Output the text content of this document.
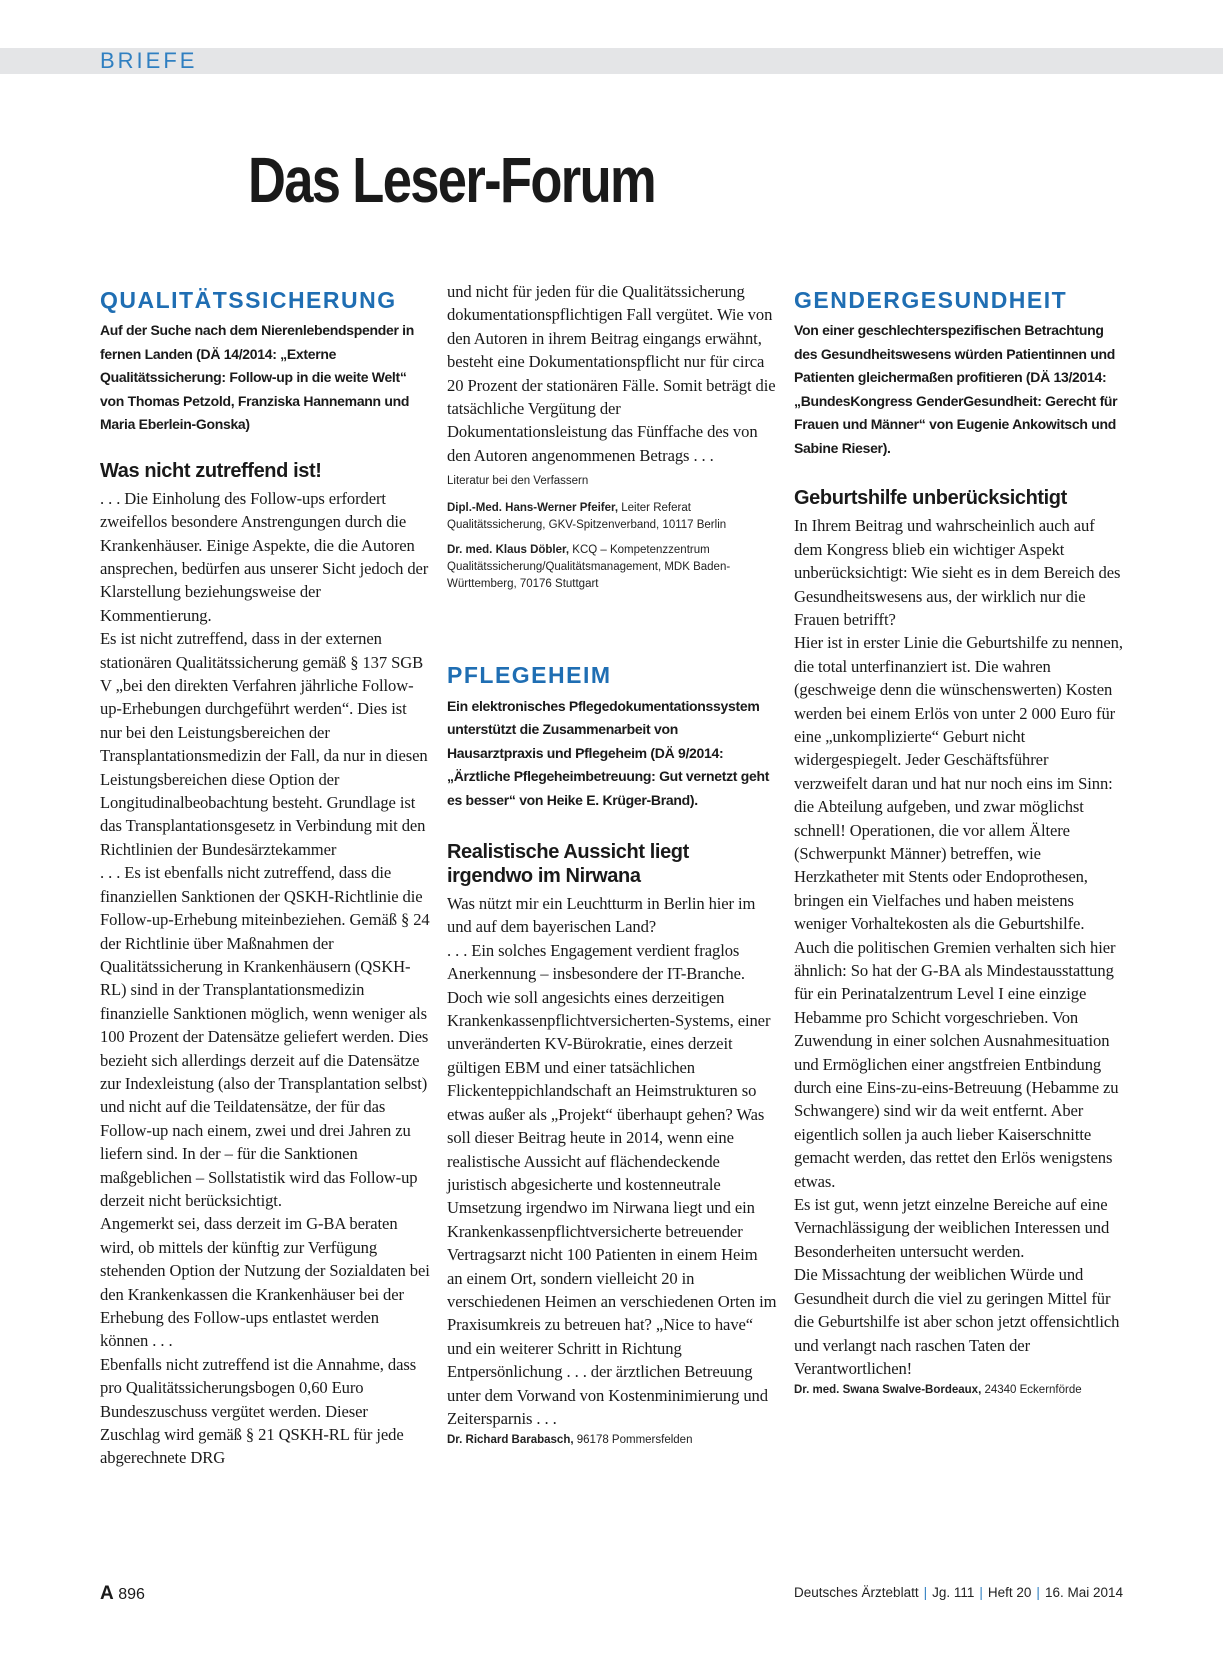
BRIEFE
Das Leser-Forum
QUALITÄTSSICHERUNG

Auf der Suche nach dem Nierenlebendspender in fernen Landen (DÄ 14/2014: „Externe Qualitätssicherung: Follow-up in die weite Welt“ von Thomas Petzold, Franziska Hannemann und Maria Eberlein-Gonska)

Was nicht zutreffend ist!

. . . Die Einholung des Follow-ups erfordert zweifellos besondere Anstrengungen durch die Krankenhäuser. Einige Aspekte, die die Autoren ansprechen, bedürfen aus unserer Sicht jedoch der Klarstellung beziehungsweise der Kommentierung.
Es ist nicht zutreffend, dass in der externen stationären Qualitätssicherung gemäß § 137 SGB V „bei den direkten Verfahren jährliche Follow-up-Erhebungen durchgeführt werden“. Dies ist nur bei den Leistungsbereichen der Transplantationsmedizin der Fall, da nur in diesen Leistungsbereichen diese Option der Longitudinalbeobachtung besteht. Grundlage ist das Transplantationsgesetz in Verbindung mit den Richtlinien der Bundesärztekammer
. . . Es ist ebenfalls nicht zutreffend, dass die finanziellen Sanktionen der QSKH-Richtlinie die Follow-up-Erhebung miteinbeziehen. Gemäß § 24 der Richtlinie über Maßnahmen der Qualitätssicherung in Krankenhäusern (QSKH-RL) sind in der Transplantationsmedizin finanzielle Sanktionen möglich, wenn weniger als 100 Prozent der Datensätze geliefert werden. Dies bezieht sich allerdings derzeit auf die Datensätze zur Indexleistung (also der Transplantation selbst) und nicht auf die Teildatensätze, der für das Follow-up nach einem, zwei und drei Jahren zu liefern sind. In der – für die Sanktionen maßgeblichen – Sollstatistik wird das Follow-up derzeit nicht berücksichtigt.
Angemerkt sei, dass derzeit im G-BA beraten wird, ob mittels der künftig zur Verfügung stehenden Option der Nutzung der Sozialdaten bei den Krankenkassen die Krankenhäuser bei der Erhebung des Follow-ups entlastet werden können . . .
Ebenfalls nicht zutreffend ist die Annahme, dass pro Qualitätssicherungsbogen 0,60 Euro Bundeszuschuss vergütet werden. Dieser Zuschlag wird gemäß § 21 QSKH-RL für jede abgerechnete DRG

und nicht für jeden für die Qualitätssicherung dokumentationspflichtigen Fall vergütet. Wie von den Autoren in ihrem Beitrag eingangs erwähnt, besteht eine Dokumentationspflicht nur für circa 20 Prozent der stationären Fälle. Somit beträgt die tatsächliche Vergütung der Dokumentationsleistung das Fünffache des von den Autoren angenommenen Betrags . . .

Literatur bei den Verfassern

Dipl.-Med. Hans-Werner Pfeifer, Leiter Referat Qualitätssicherung, GKV-Spitzenverband, 10117 Berlin

Dr. med. Klaus Döbler, KCQ – Kompetenzzentrum Qualitätssicherung/Qualitätsmanagement, MDK Baden-Württemberg, 70176 Stuttgart

PFLEGEHEIM

Ein elektronisches Pflegedokumentationssystem unterstützt die Zusammenarbeit von Hausarztpraxis und Pflegeheim (DÄ 9/2014: „Ärztliche Pflegeheimbetreuung: Gut vernetzt geht es besser“ von Heike E. Krüger-Brand).

Realistische Aussicht liegt irgendwo im Nirwana

Was nützt mir ein Leuchtturm in Berlin hier im und auf dem bayerischen Land?
. . . Ein solches Engagement verdient fraglos Anerkennung – insbesondere der IT-Branche. Doch wie soll angesichts eines derzeitigen Krankenkassenpflichtversicherten-Systems, einer unveränderten KV-Bürokratie, eines derzeit gültigen EBM und einer tatsächlichen Flickenteppichlandschaft an Heimstrukturen so etwas außer als „Projekt“ überhaupt gehen? Was soll dieser Beitrag heute in 2014, wenn eine realistische Aussicht auf flächendeckende juristisch abgesicherte und kostenneutrale Umsetzung irgendwo im Nirwana liegt und ein Krankenkassenpflichtversicherte betreuender Vertragsarzt nicht 100 Patienten in einem Heim an einem Ort, sondern vielleicht 20 in verschiedenen Heimen an verschiedenen Orten im Praxisumkreis zu betreuen hat? „Nice to have“ und ein weiterer Schritt in Richtung Entpersönlichung . . . der ärztlichen Betreuung unter dem Vorwand von Kostenminimierung und Zeitersparnis . . .

Dr. Richard Barabasch, 96178 Pommersfelden

GENDERGESUNDHEIT

Von einer geschlechterspezifischen Betrachtung des Gesundheitswesens würden Patientinnen und Patienten gleichermaßen profitieren (DÄ 13/2014: „BundesKongress GenderGesundheit: Gerecht für Frauen und Männer“ von Eugenie Ankowitsch und Sabine Rieser).

Geburtshilfe unberücksichtigt

In Ihrem Beitrag und wahrscheinlich auch auf dem Kongress blieb ein wichtiger Aspekt unberücksichtigt: Wie sieht es in dem Bereich des Gesundheitswesens aus, der wirklich nur die Frauen betrifft?
Hier ist in erster Linie die Geburtshilfe zu nennen, die total unterfinanziert ist. Die wahren (geschweige denn die wünschenswerten) Kosten werden bei einem Erlös von unter 2 000 Euro für eine „unkomplizierte“ Geburt nicht widergespiegelt. Jeder Geschäftsführer verzweifelt daran und hat nur noch eins im Sinn: die Abteilung aufgeben, und zwar möglichst schnell! Operationen, die vor allem Ältere (Schwerpunkt Männer) betreffen, wie Herzkatheter mit Stents oder Endoprothesen, bringen ein Vielfaches und haben meistens weniger Vorhaltekosten als die Geburtshilfe.
Auch die politischen Gremien verhalten sich hier ähnlich: So hat der G-BA als Mindestausstattung für ein Perinatalzentrum Level I eine einzige Hebamme pro Schicht vorgeschrieben. Von Zuwendung in einer solchen Ausnahmesituation und Ermöglichen einer angstfreien Entbindung durch eine Eins-zu-eins-Betreuung (Hebamme zu Schwangere) sind wir da weit entfernt. Aber eigentlich sollen ja auch lieber Kaiserschnitte gemacht werden, das rettet den Erlös wenigstens etwas.
Es ist gut, wenn jetzt einzelne Bereiche auf eine Vernachlässigung der weiblichen Interessen und Besonderheiten untersucht werden.
Die Missachtung der weiblichen Würde und Gesundheit durch die viel zu geringen Mittel für die Geburtshilfe ist aber schon jetzt offensichtlich und verlangt nach raschen Taten der Verantwortlichen!

Dr. med. Swana Swalve-Bordeaux, 24340 Eckernförde

A 896	Deutsches Ärzteblatt | Jg. 111 | Heft 20 | 16. Mai 2014
